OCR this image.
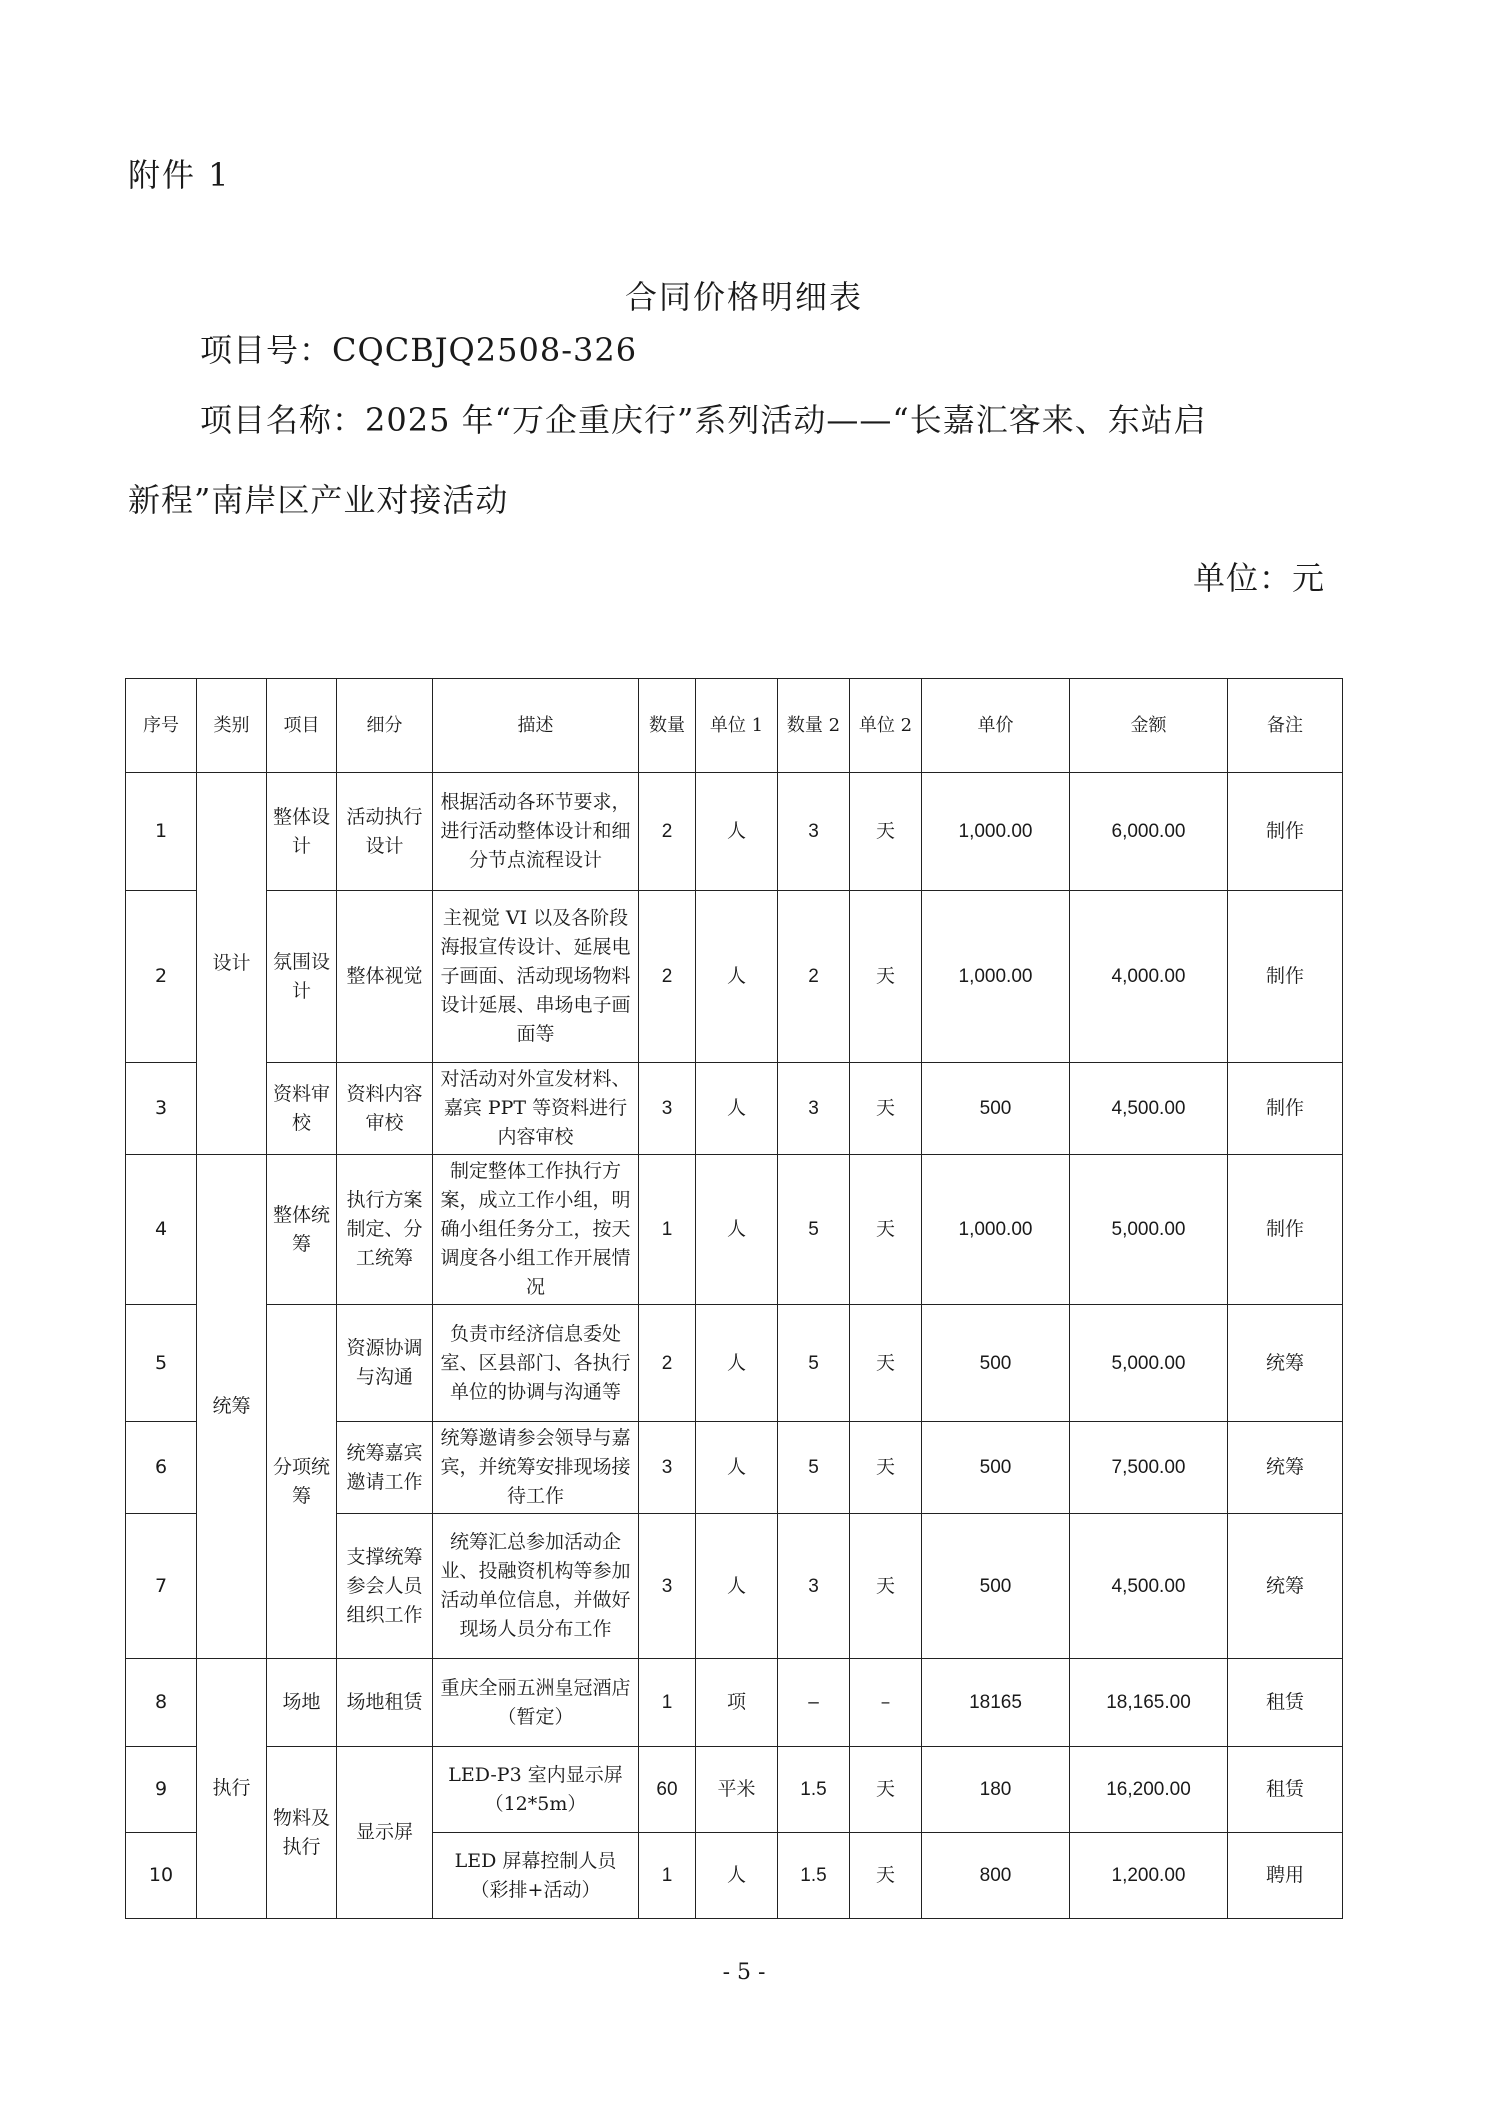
附件 1
合同价格明细表
项目号：CQCBJQ2508-326
项目名称：2025 年“万企重庆行”系列活动——“长嘉汇客来、东站启
新程”南岸区产业对接活动
单位：元
序号	类别	项目	细分	描述	数量	单位 1	数量 2	单位 2	单价	金额	备注
1	设计	整体设计	活动执行设计	根据活动各环节要求，进行活动整体设计和细分节点流程设计	2	人	3	天	1,000.00	6,000.00	制作
2		氛围设计	整体视觉	主视觉 VI 以及各阶段海报宣传设计、延展电子画面、活动现场物料设计延展、串场电子画面等	2	人	2	天	1,000.00	4,000.00	制作
3		资料审校	资料内容审校	对活动对外宣发材料、嘉宾 PPT 等资料进行内容审校	3	人	3	天	500	4,500.00	制作
4	统筹	整体统筹	执行方案制定、分工统筹	制定整体工作执行方案，成立工作小组，明确小组任务分工，按天调度各小组工作开展情况	1	人	5	天	1,000.00	5,000.00	制作
5		分项统筹	资源协调与沟通	负责市经济信息委处室、区县部门、各执行单位的协调与沟通等	2	人	5	天	500	5,000.00	统筹
6			统筹嘉宾邀请工作	统筹邀请参会领导与嘉宾，并统筹安排现场接待工作	3	人	5	天	500	7,500.00	统筹
7			支撑统筹参会人员组织工作	统筹汇总参加活动企业、投融资机构等参加活动单位信息，并做好现场人员分布工作	3	人	3	天	500	4,500.00	统筹
8	执行	场地	场地租赁	重庆全丽五洲皇冠酒店（暂定）	1	项	–	–	18165	18,165.00	租赁
9		物料及执行	显示屏	LED-P3 室内显示屏（12*5m）	60	平米	1.5	天	180	16,200.00	租赁
10				LED 屏幕控制人员（彩排+活动）	1	人	1.5	天	800	1,200.00	聘用
- 5 -
